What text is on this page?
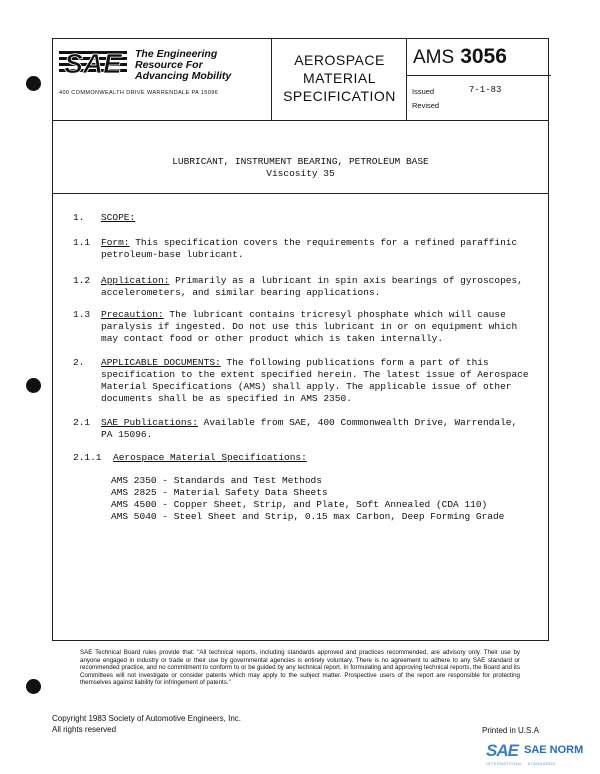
SAE The Engineering
Resource For
Advancing Mobility
400 COMMONWEALTH DRIVE WARRENDALE PA 15096
AEROSPACE
MATERIAL
SPECIFICATION
AMS 3056
Issued	7-1-83
Revised
LUBRICANT, INSTRUMENT BEARING, PETROLEUM BASE
Viscosity 35
1.	SCOPE:
1.1	Form: This specification covers the requirements for a refined paraffinic petroleum-base lubricant.
1.2	Application: Primarily as a lubricant in spin axis bearings of gyroscopes, accelerometers, and similar bearing applications.
1.3	Precaution: The lubricant contains tricresyl phosphate which will cause paralysis if ingested. Do not use this lubricant in or on equipment which may contact food or other product which is taken internally.
2.	APPLICABLE DOCUMENTS: The following publications form a part of this specification to the extent specified herein. The latest issue of Aerospace Material Specifications (AMS) shall apply. The applicable issue of other documents shall be as specified in AMS 2350.
2.1	SAE Publications: Available from SAE, 400 Commonwealth Drive, Warrendale, PA 15096.
2.1.1	Aerospace Material Specifications:
AMS 2350 - Standards and Test Methods
AMS 2825 - Material Safety Data Sheets
AMS 4500 - Copper Sheet, Strip, and Plate, Soft Annealed (CDA 110)
AMS 5040 - Steel Sheet and Strip, 0.15 max Carbon, Deep Forming Grade
SAE Technical Board rules provide that: "All technical reports, including standards approved and practices recommended, are advisory only. Their use by anyone engaged in industry or trade or their use by governmental agencies is entirely voluntary. There is no agreement to adhere to any SAE standard or recommended practice, and no commitment to conform to or be guided by any technical report. In formulating and approving technical reports, the Board and its Committees will not investigate or consider patents which may apply to the subject matter. Prospective users of the report are responsible for protecting themselves against liability for infringement of patents."
Copyright 1983 Society of Automotive Engineers, Inc.
All rights reserved	Printed in U.S.A
SAE SAE NORM
INTERNATIONAL · STANDARDS
